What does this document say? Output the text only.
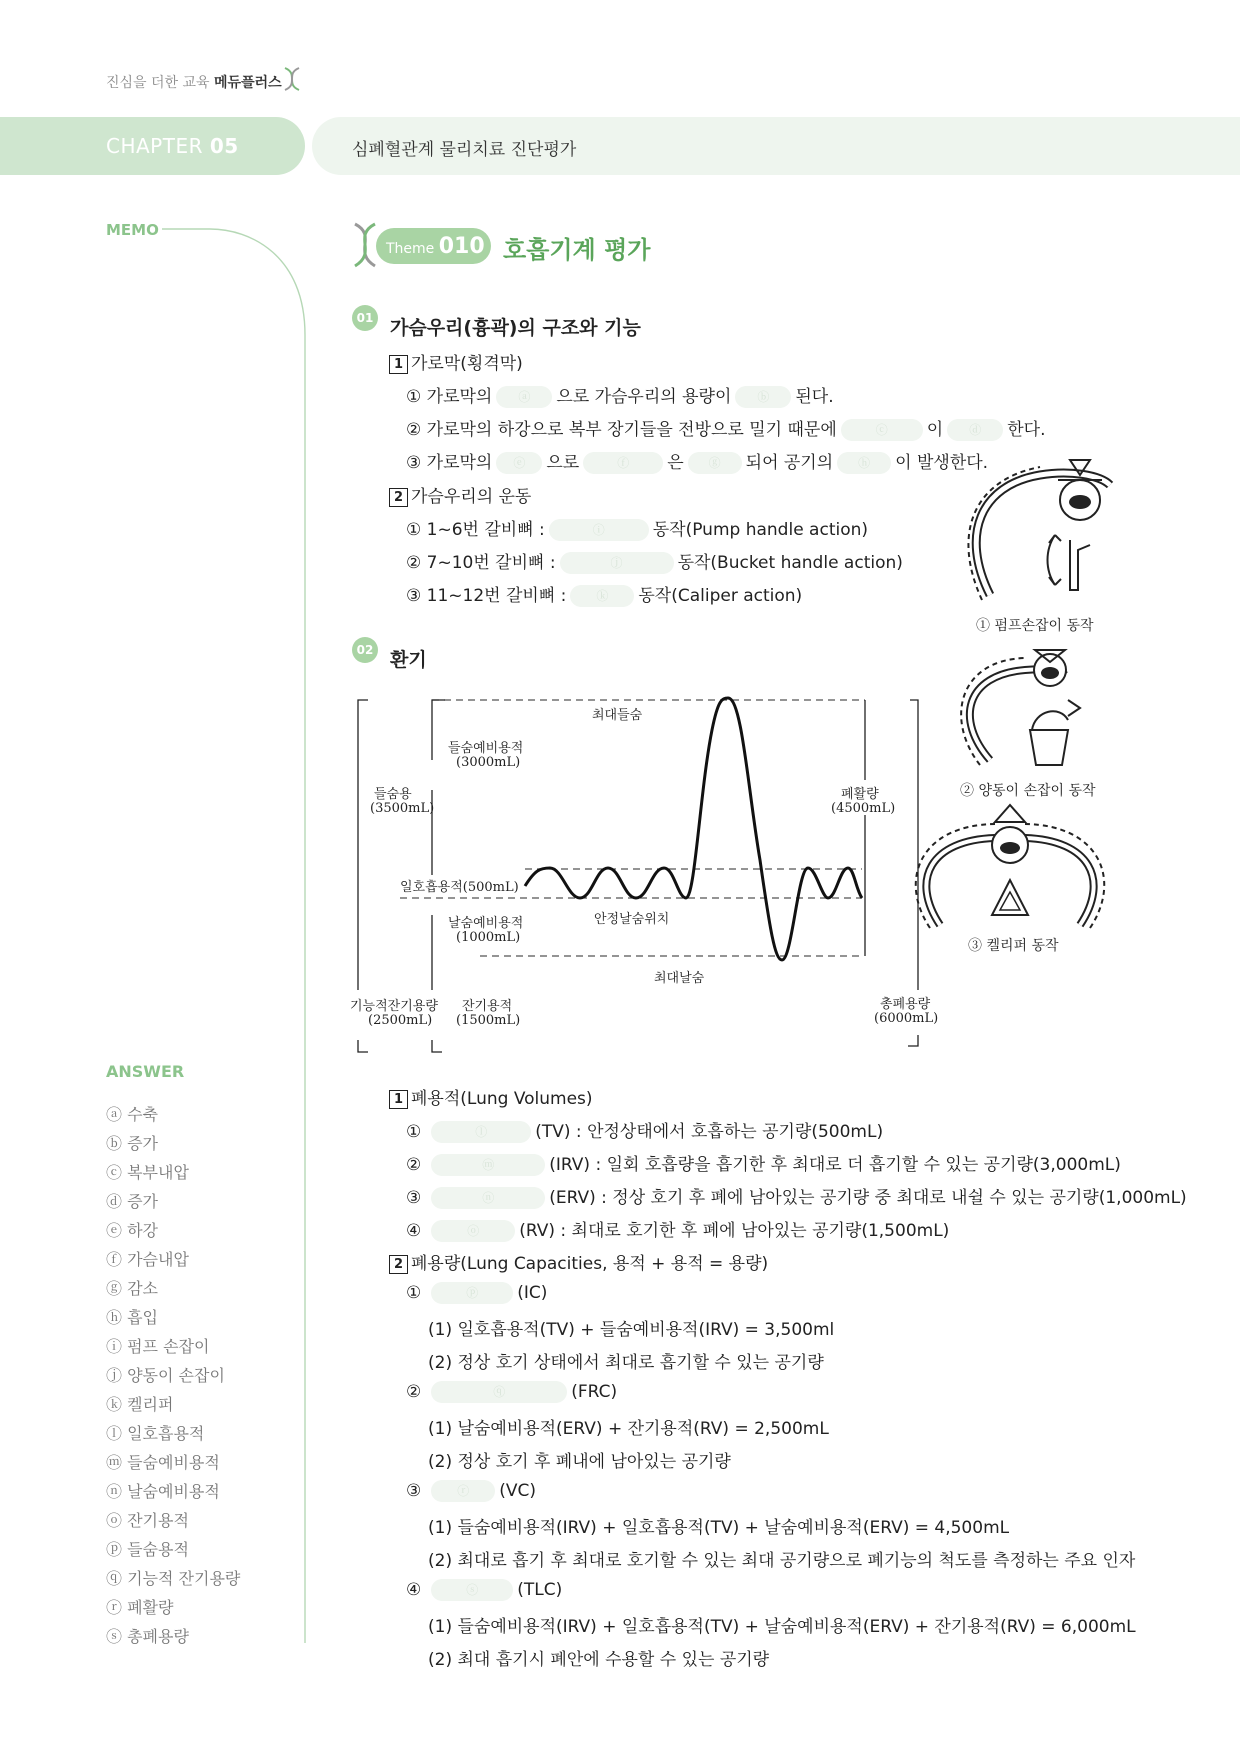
진심을 더한 교육 메듀플러스
CHAPTER 05	심폐혈관계 물리치료 진단평가
MEMO
Theme 010 호흡기계 평가
01 가슴우리(흉곽)의 구조와 기능
1 가로막(횡격막)
① 가로막의 ⓐ 으로 가슴우리의 용량이 ⓑ 된다.
② 가로막의 하강으로 복부 장기들을 전방으로 밀기 때문에	ⓒ 이 ⓓ 한다.
③ 가로막의 ⓔ 으로	ⓕ 은 ⓖ 되어 공기의 ⓗ 이 발생한다.
2 가슴우리의 운동
① 1~6번 갈비뼈 :	ⓘ	동작(Pump handle action)
② 7~10번 갈비뼈 :	ⓙ	동작(Bucket handle action)
③ 11~12번 갈비뼈 : ⓚ 동작(Caliper action)
① 펌프손잡이 동작
② 양동이 손잡이 동작
③ 켈리퍼 동작
02 환기
최대들숨
들숨예비용적
(3000mL)
들숨용
(3500mL)
폐활량
(4500mL)
일호흡용적(500mL)
날숨예비용적
(1000mL)
안정날숨위치
최대날숨
기능적잔기용량
(2500mL)
잔기용적
(1500mL)
총폐용량
(6000mL)
1 폐용적(Lung Volumes)
①	ⓛ	(TV) : 안정상태에서 호흡하는 공기량(500mL)
②	ⓜ	(IRV) : 일회 호흡량을 흡기한 후 최대로 더 흡기할 수 있는 공기량(3,000mL)
③	ⓝ	(ERV) : 정상 호기 후 폐에 남아있는 공기량 중 최대로 내쉴 수 있는 공기량(1,000mL)
④	ⓞ (RV) : 최대로 호기한 후 폐에 남아있는 공기량(1,500mL)
2 폐용량(Lung Capacities, 용적 + 용적 = 용량)
①	ⓟ (IC)
(1) 일호흡용적(TV) + 들숨예비용적(IRV) = 3,500ml
(2) 정상 호기 상태에서 최대로 흡기할 수 있는 공기량
②	ⓠ	(FRC)
(1) 날숨예비용적(ERV) + 잔기용적(RV) = 2,500mL
(2) 정상 호기 후 폐내에 남아있는 공기량
③	ⓡ (VC)
(1) 들숨예비용적(IRV) + 일호흡용적(TV) + 날숨예비용적(ERV) = 4,500mL
(2) 최대로 흡기 후 최대로 호기할 수 있는 최대 공기량으로 폐기능의 척도를 측정하는 주요 인자
④	ⓢ (TLC)
(1) 들숨예비용적(IRV) + 일호흡용적(TV) + 날숨예비용적(ERV) + 잔기용적(RV) = 6,000mL
(2) 최대 흡기시 폐안에 수용할 수 있는 공기량
ANSWER
ⓐ 수축
ⓑ 증가
ⓒ 복부내압
ⓓ 증가
ⓔ 하강
ⓕ 가슴내압
ⓖ 감소
ⓗ 흡입
ⓘ 펌프 손잡이
ⓙ 양동이 손잡이
ⓚ 켈리퍼
ⓛ 일호흡용적
ⓜ 들숨예비용적
ⓝ 날숨예비용적
ⓞ 잔기용적
ⓟ 들숨용적
ⓠ 기능적 잔기용량
ⓡ 폐활량
ⓢ 총폐용량
